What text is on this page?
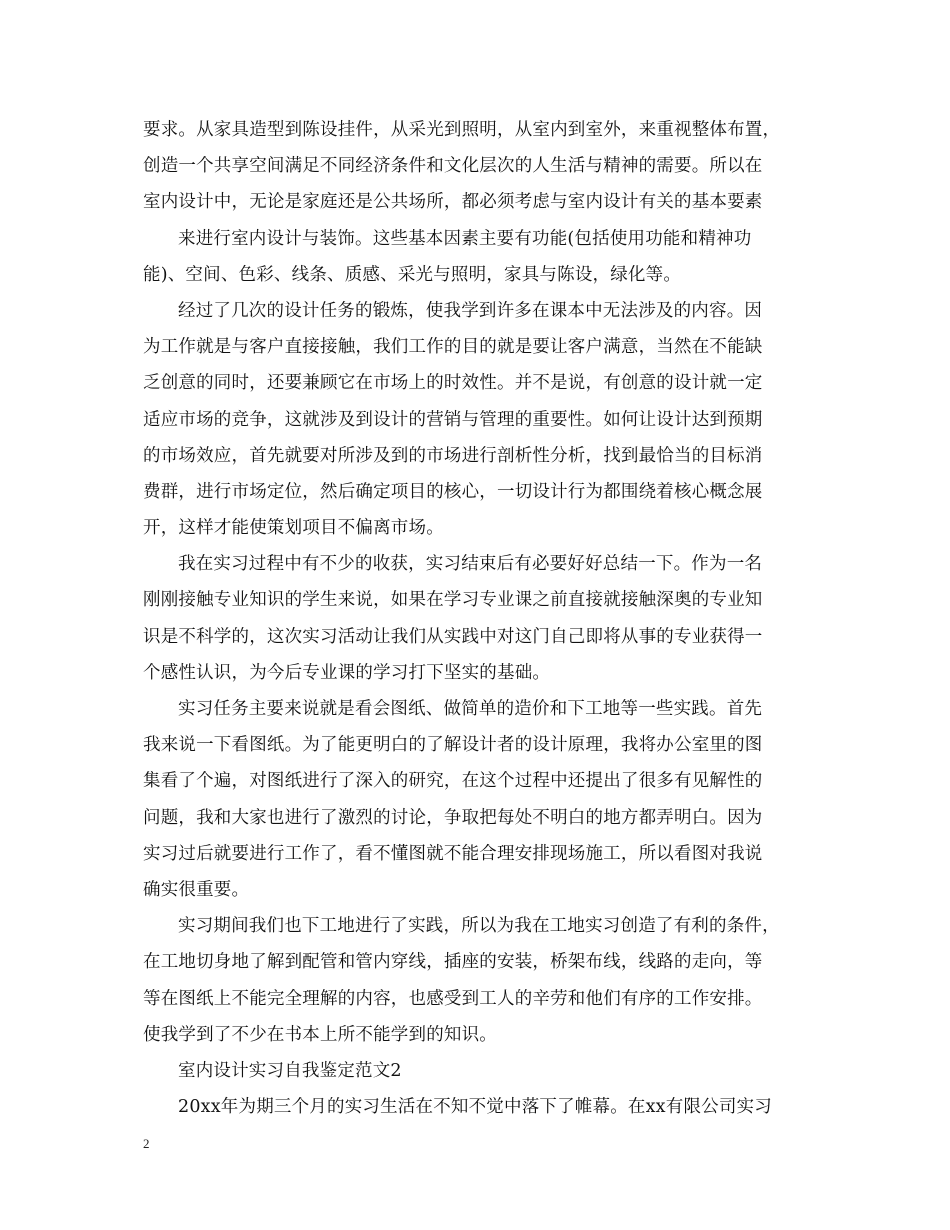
要求。从家具造型到陈设挂件，从采光到照明，从室内到室外，来重视整体布置，
创造一个共享空间满足不同经济条件和文化层次的人生活与精神的需要。所以在
室内设计中，无论是家庭还是公共场所，都必须考虑与室内设计有关的基本要素
来进行室内设计与装饰。这些基本因素主要有功能(包括使用功能和精神功
能)、空间、色彩、线条、质感、采光与照明，家具与陈设，绿化等。
经过了几次的设计任务的锻炼，使我学到许多在课本中无法涉及的内容。因
为工作就是与客户直接接触，我们工作的目的就是要让客户满意，当然在不能缺
乏创意的同时，还要兼顾它在市场上的时效性。并不是说，有创意的设计就一定
适应市场的竞争，这就涉及到设计的营销与管理的重要性。如何让设计达到预期
的市场效应，首先就要对所涉及到的市场进行剖析性分析，找到最恰当的目标消
费群，进行市场定位，然后确定项目的核心，一切设计行为都围绕着核心概念展
开，这样才能使策划项目不偏离市场。
我在实习过程中有不少的收获，实习结束后有必要好好总结一下。作为一名
刚刚接触专业知识的学生来说，如果在学习专业课之前直接就接触深奥的专业知
识是不科学的，这次实习活动让我们从实践中对这门自己即将从事的专业获得一
个感性认识，为今后专业课的学习打下坚实的基础。
实习任务主要来说就是看会图纸、做简单的造价和下工地等一些实践。首先
我来说一下看图纸。为了能更明白的了解设计者的设计原理，我将办公室里的图
集看了个遍，对图纸进行了深入的研究，在这个过程中还提出了很多有见解性的
问题，我和大家也进行了激烈的讨论，争取把每处不明白的地方都弄明白。因为
实习过后就要进行工作了，看不懂图就不能合理安排现场施工，所以看图对我说
确实很重要。
实习期间我们也下工地进行了实践，所以为我在工地实习创造了有利的条件，
在工地切身地了解到配管和管内穿线，插座的安装，桥架布线，线路的走向，等
等在图纸上不能完全理解的内容，也感受到工人的辛劳和他们有序的工作安排。
使我学到了不少在书本上所不能学到的知识。
室内设计实习自我鉴定范文2
20xx年为期三个月的实习生活在不知不觉中落下了帷幕。在xx有限公司实习
2
